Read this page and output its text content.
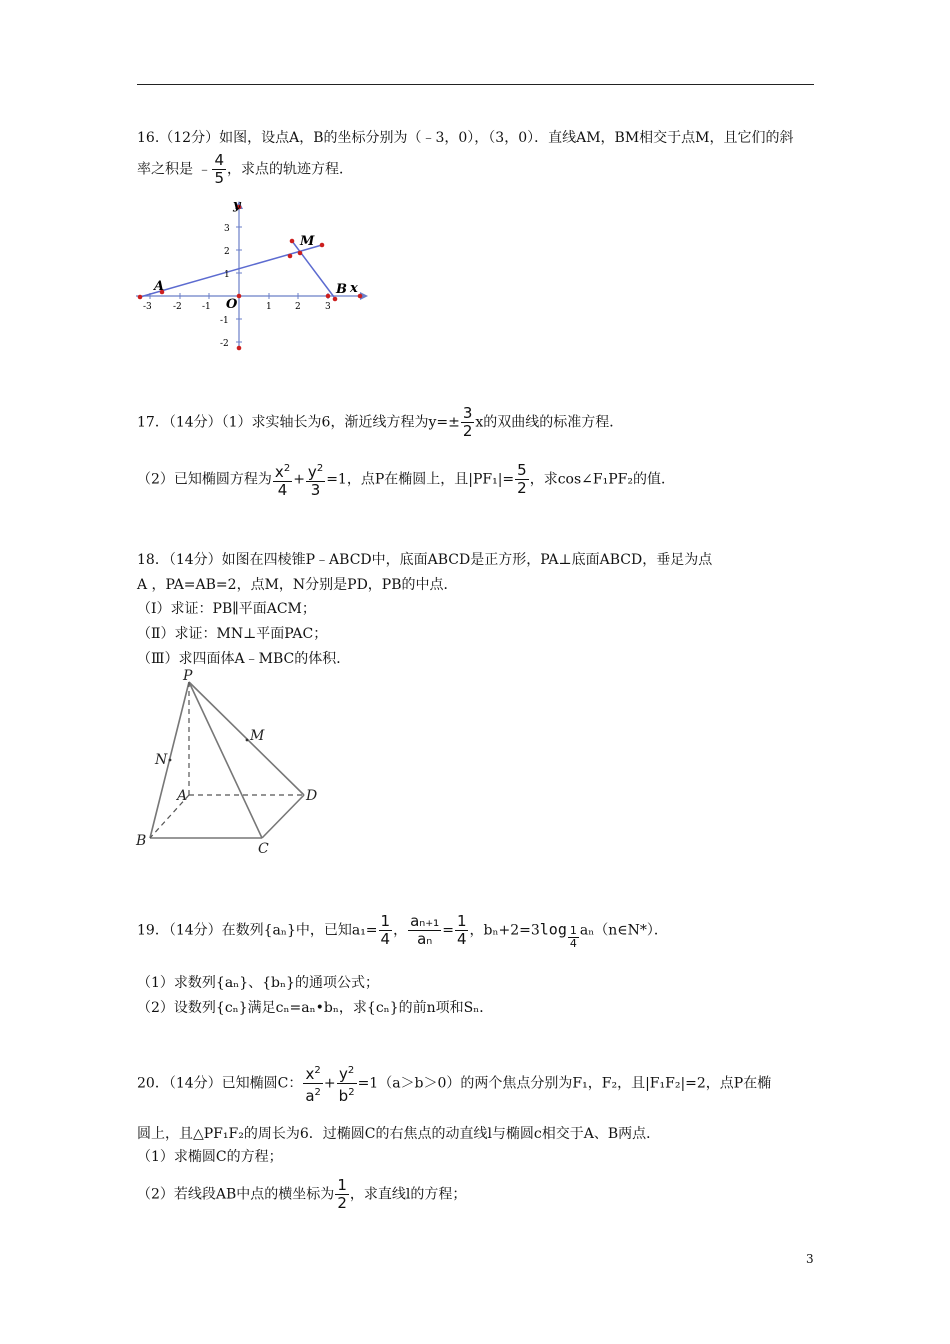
16.（12分）如图，设点A，B的坐标分别为（﹣3，0），（3，0）．直线AM，BM相交于点M，且它们的斜
率之积是 ﹣ $\frac{4}{5}$ ，求点的轨迹方程．
A	B
M
O
x
y
-3 -2 -1	1	2	3
3
2
1
-1
-2
17．（14分）（1）求实轴长为6，渐近线方程为$y=\pm \frac{3}{2}$ x的双曲线的标准方程．
（2）已知椭圆方程为 $\frac{x^2}{4} + \frac{y^2}{3} =1$，点P在椭圆上，且$|PF_1|= \frac{5}{2}$ ，求cos∠F₁PF₂的值．
18．（14分）如图在四棱锥P﹣ABCD中，底面ABCD是正方形，PA⊥底面ABCD，垂足为点
A ，PA=AB=2，点M，N分别是PD，PB的中点．
（Ⅰ）求证：PB∥平面ACM；
（Ⅱ）求证：MN⊥平面PAC；
（Ⅲ）求四面体A﹣MBC的体积．
P
A
B	C
D
M
N
19．（14分）在数列{aₙ}中，已知$a_1= \frac{1}{4}$ ， $\frac{\text{aₙ₊₁}}{\text{aₙ}} = \frac{1}{4}$ ，$b_n+2=3\log \frac{1}{4}$ aₙ（n∈N*）．
（1）求数列{aₙ}、{bₙ}的通项公式；
（2）设数列{cₙ}满足cₙ=aₙ•bₙ，求{cₙ}的前n项和Sₙ．
20．（14分）已知椭圆C： $\frac{x^2}{a^2} + \frac{y^2}{b^2} =1(a>b>0)$的两个焦点分别为F₁，F₂，且|F₁F₂|=2，点P在椭
圆上，且△PF₁F₂的周长为6．过椭圆C的右焦点的动直线l与椭圆c相交于A、B两点．
（1）求椭圆C的方程；
（2）若线段AB中点的横坐标为 $\frac{1}{2}$ ，求直线l的方程；
3
